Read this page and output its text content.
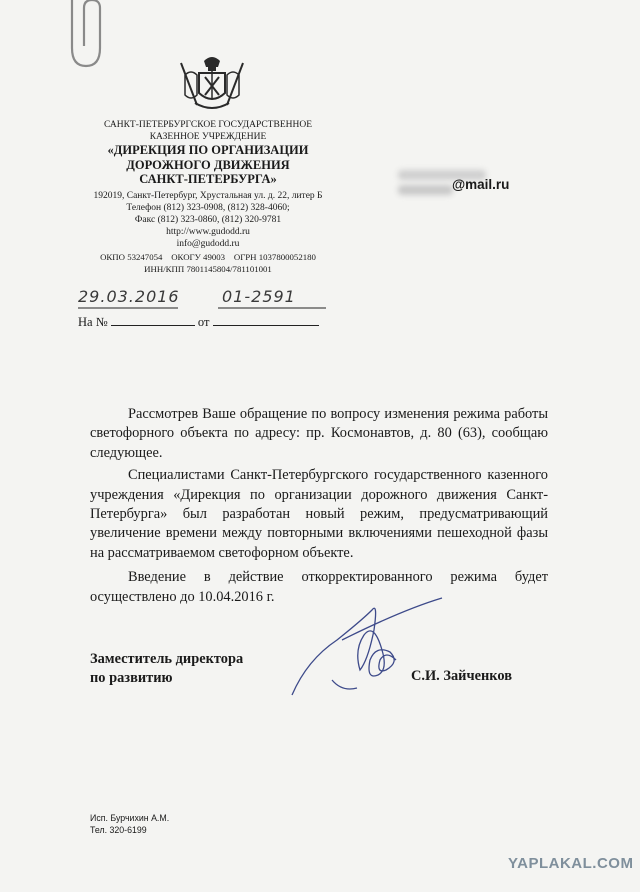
САНКТ-ПЕТЕРБУРГСКОЕ ГОСУДАРСТВЕННОЕ
КАЗЕННОЕ УЧРЕЖДЕНИЕ
«ДИРЕКЦИЯ ПО ОРГАНИЗАЦИИ
ДОРОЖНОГО ДВИЖЕНИЯ
САНКТ-ПЕТЕРБУРГА»
192019, Санкт-Петербург, Хрустальная ул. д. 22, литер Б
Телефон (812) 323-0908, (812) 328-4060;
Факс (812) 323-0860, (812) 320-9781
http://www.gudodd.ru
info@gudodd.ru
ОКПО 53247054    ОКОГУ 49003    ОГРН 1037800052180
ИНН/КПП 7801145804/781101001
@mail.ru
29.03.2016	01-2591
На №	от

Рассмотрев Ваше обращение по вопросу изменения режима работы светофорного объекта по адресу: пр. Космонавтов, д. 80 (63), сообщаю следующее.

Специалистами Санкт-Петербургского государственного казенного учреждения «Дирекция по организации дорожного движения Санкт-Петербурга» был разработан новый режим, предусматривающий увеличение времени между повторными включениями пешеходной фазы на рассматриваемом светофорном объекте.

Введение в действие откорректированного режима будет осуществлено до 10.04.2016 г.

Заместитель директора
по развитию	С.И. Зайченков
Исп. Бурчихин А.М.
Тел. 320-6199
YAPLAKAL.COM
